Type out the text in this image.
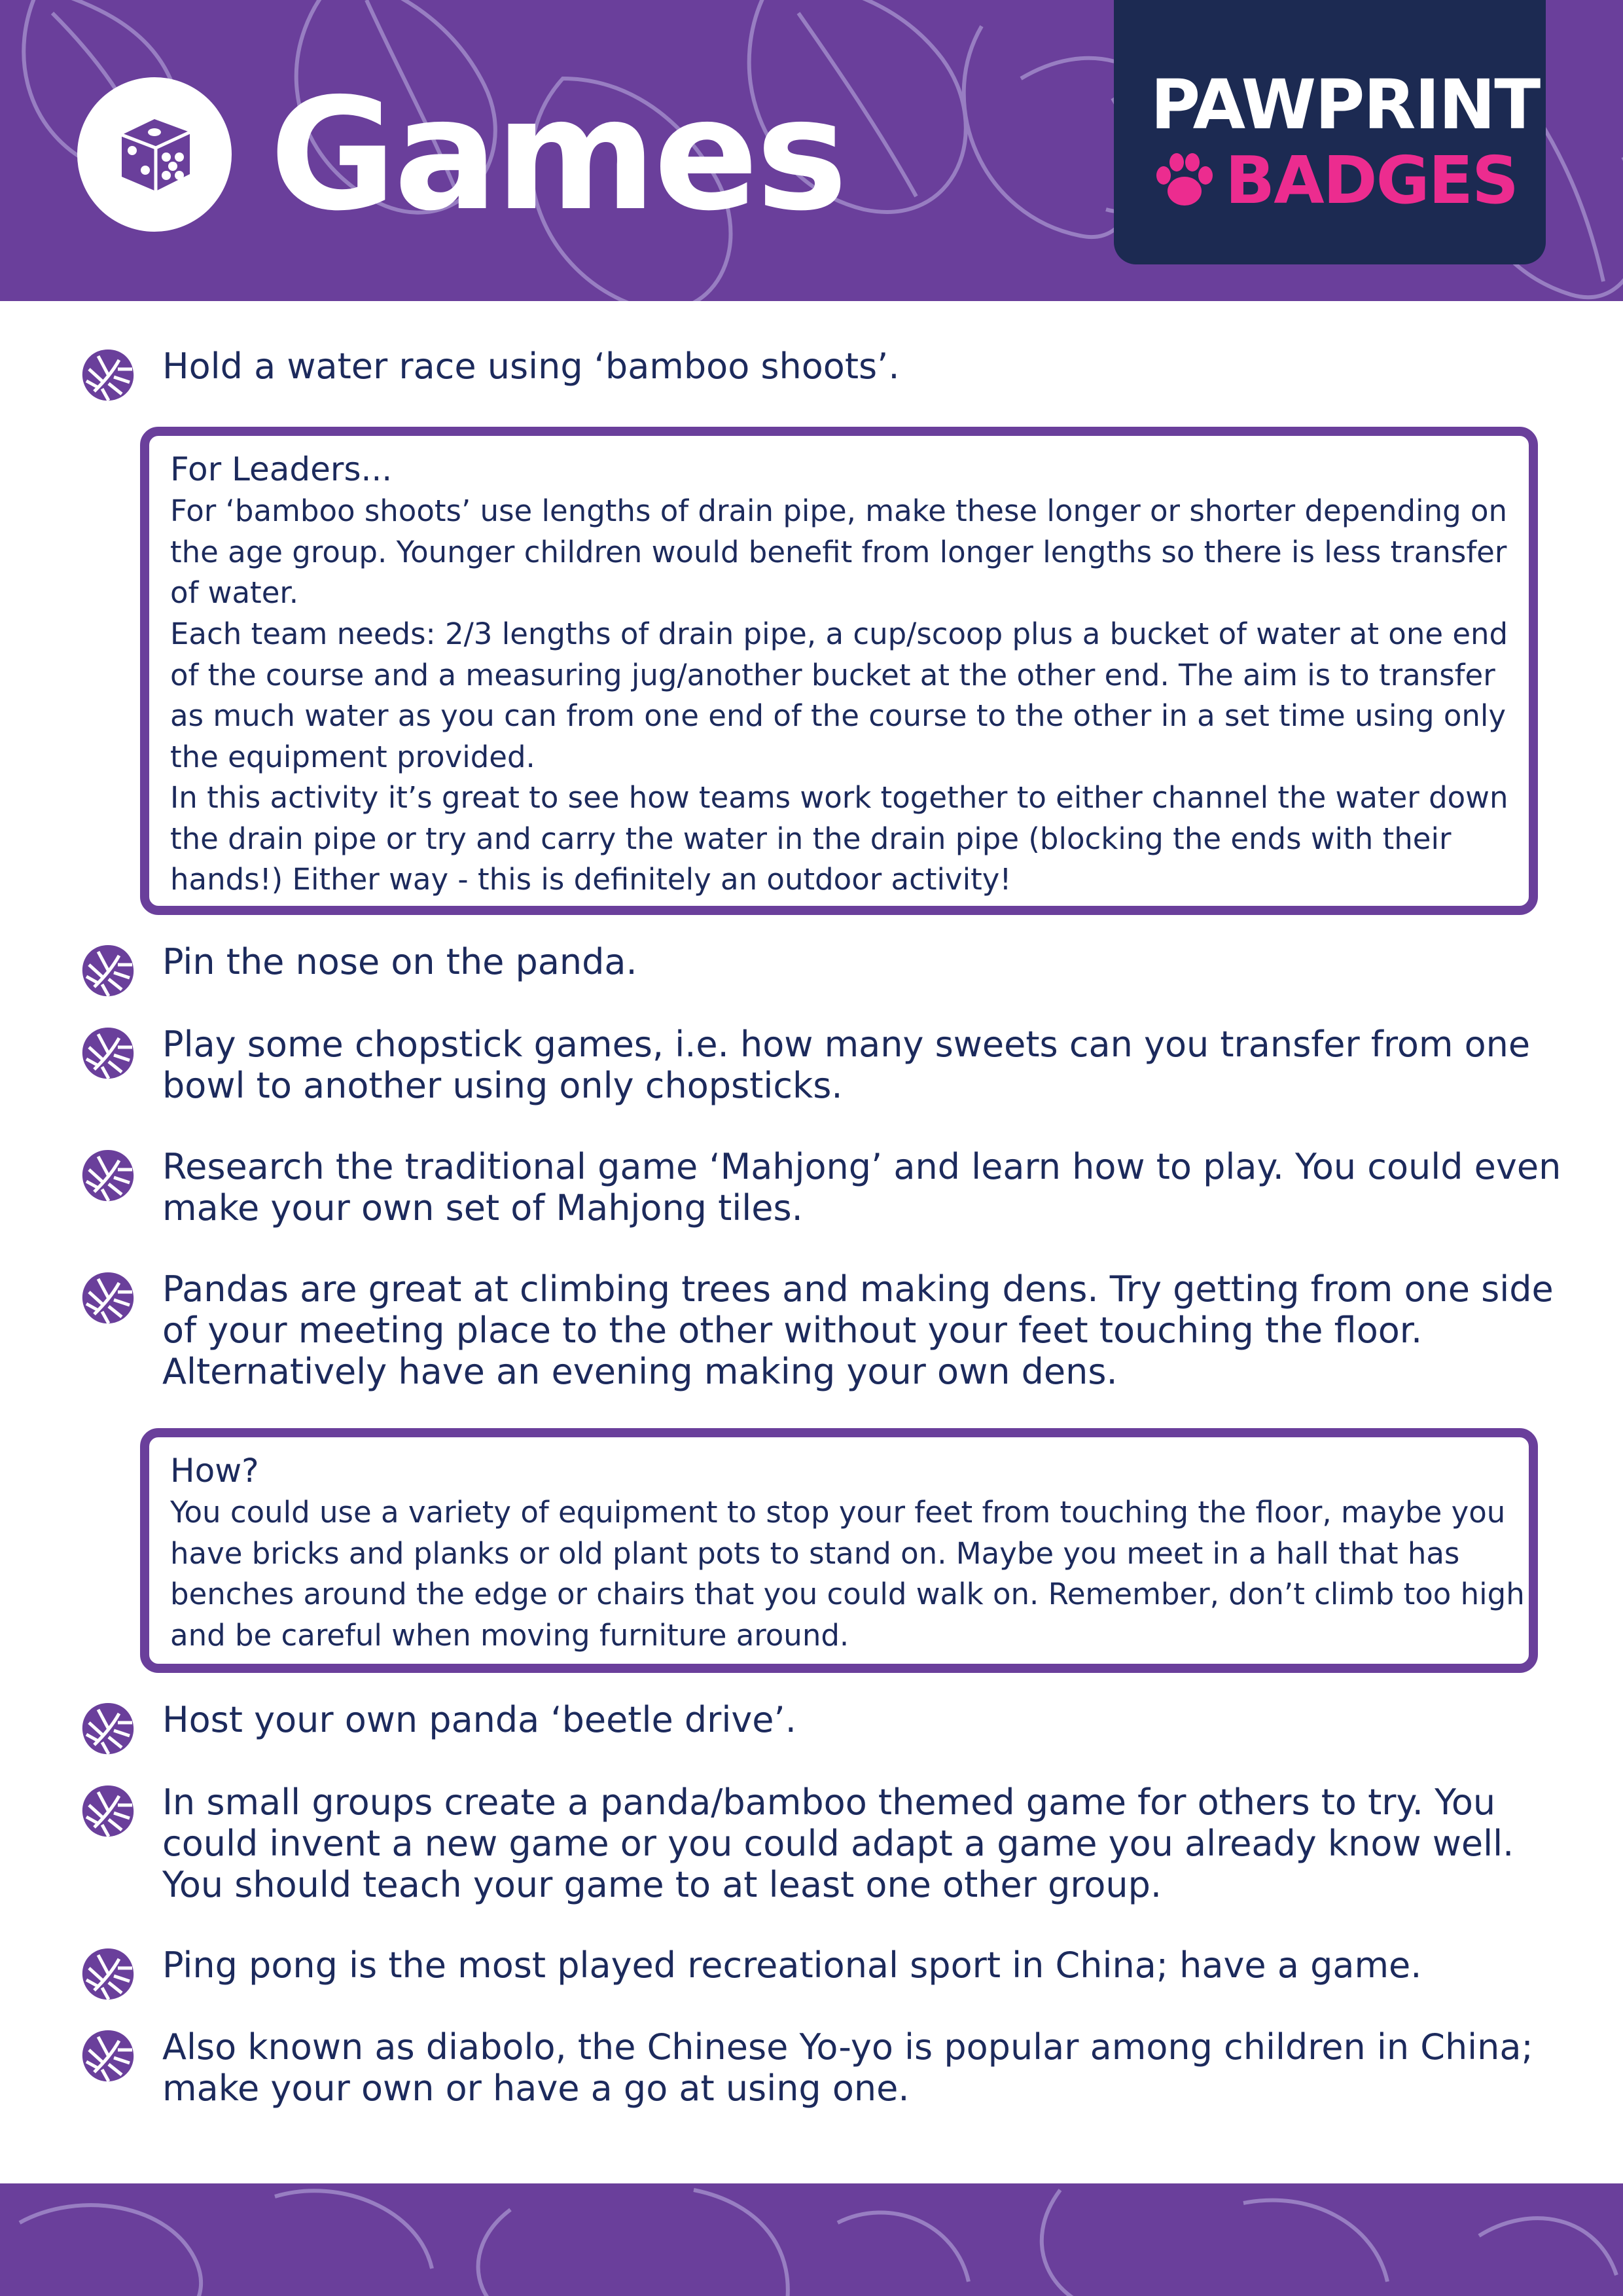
Games	PAWPRINT
BADGES

Hold a water race using ‘bamboo shoots’.

For Leaders...
For ‘bamboo shoots’ use lengths of drain pipe, make these longer or shorter depending on the age group. Younger children would benefit from longer lengths so there is less transfer of water.
Each team needs: 2/3 lengths of drain pipe, a cup/scoop plus a bucket of water at one end of the course and a measuring jug/another bucket at the other end. The aim is to transfer as much water as you can from one end of the course to the other in a set time using only the equipment provided.
In this activity it’s great to see how teams work together to either channel the water down the drain pipe or try and carry the water in the drain pipe (blocking the ends with their hands!) Either way - this is definitely an outdoor activity!

Pin the nose on the panda.

Play some chopstick games, i.e. how many sweets can you transfer from one bowl to another using only chopsticks.

Research the traditional game ‘Mahjong’ and learn how to play. You could even make your own set of Mahjong tiles.

Pandas are great at climbing trees and making dens. Try getting from one side of your meeting place to the other without your feet touching the floor. Alternatively have an evening making your own dens.

How?
You could use a variety of equipment to stop your feet from touching the floor, maybe you have bricks and planks or old plant pots to stand on. Maybe you meet in a hall that has benches around the edge or chairs that you could walk on. Remember, don’t climb too high and be careful when moving furniture around.

Host your own panda ‘beetle drive’.

In small groups create a panda/bamboo themed game for others to try. You could invent a new game or you could adapt a game you already know well. You should teach your game to at least one other group.

Ping pong is the most played recreational sport in China; have a game.

Also known as diabolo, the Chinese Yo-yo is popular among children in China; make your own or have a go at using one.
